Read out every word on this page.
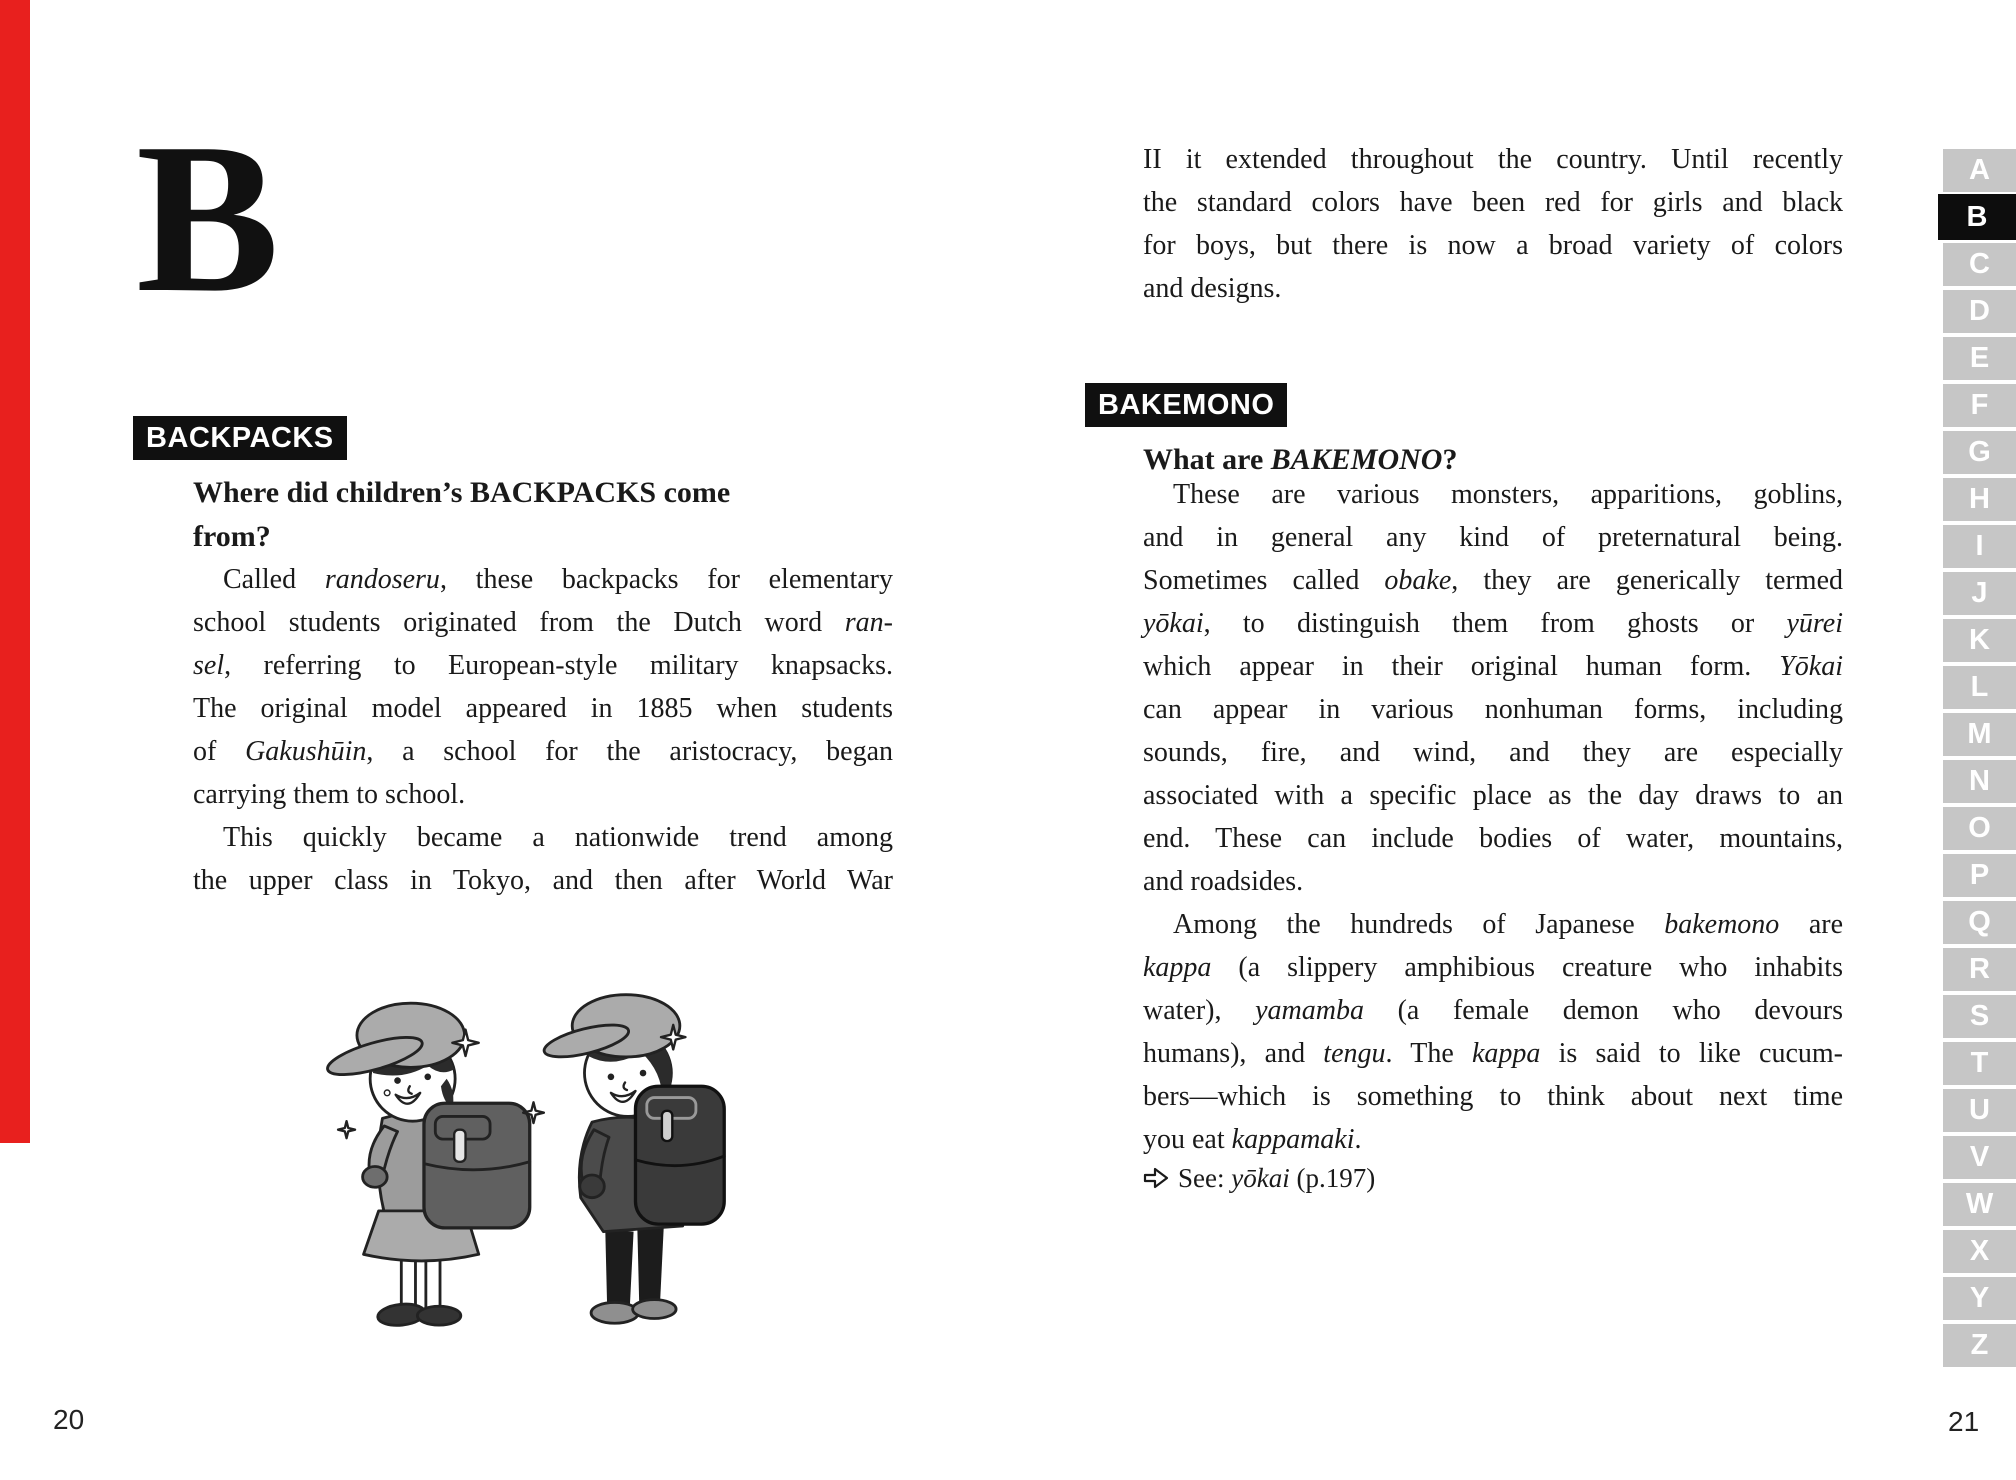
B
BACKPACKS
Where did children’s BACKPACKS come
from?
Called randoseru, these backpacks for elementary
school students originated from the Dutch word ran-
sel, referring to European-style military knapsacks.
The original model appeared in 1885 when students
of Gakushūin, a school for the aristocracy, began
carrying them to school.
This quickly became a nationwide trend among
the upper class in Tokyo, and then after World War
20
II it extended throughout the country. Until recently
the standard colors have been red for girls and black
for boys, but there is now a broad variety of colors
and designs.
BAKEMONO
What are BAKEMONO?
These are various monsters, apparitions, goblins,
and in general any kind of preternatural being.
Sometimes called obake, they are generically termed
yōkai, to distinguish them from ghosts or yūrei
which appear in their original human form. Yōkai
can appear in various nonhuman forms, including
sounds, fire, and wind, and they are especially
associated with a specific place as the day draws to an
end. These can include bodies of water, mountains,
and roadsides.
Among the hundreds of Japanese bakemono are
kappa (a slippery amphibious creature who inhabits
water), yamamba (a female demon who devours
humans), and tengu. The kappa is said to like cucum-
bers—which is something to think about next time
you eat kappamaki.
See: yōkai (p.197)
21
A
B
C
D
E
F
G
H
I
J
K
L
M
N
O
P
Q
R
S
T
U
V
W
X
Y
Z
